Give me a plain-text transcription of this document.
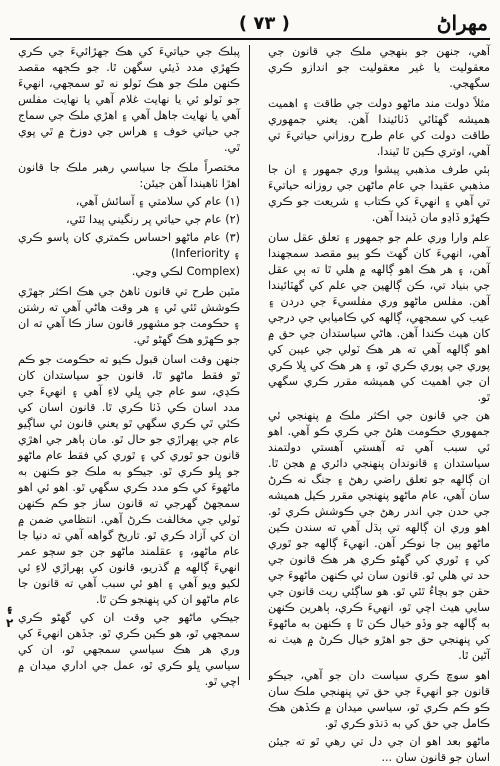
( ٧٣ )	مهراڻ

آهي، جنهن جو بنهجي ملڪ جي قانون جي معقوليت يا غير معقوليت جو اندازو ڪري سگهجي.

مثلاً دولت مند ماڻهو دولت جي طاقت ۽ اهميت هميشه گهٽائي ڏٺائيندا آهن. يعني جمهوري طاقت دولت کي عام طرح روزاني حياتيءَ تي آهي، اوتري ڪين ٿا ٿيندا.

ٻئي طرف مذهبي پيشوا وري جمهور ۽ ان جا مذهبي عقيدا جي عام ماڻهن جي روزانه حياتيءَ تي آهي ۽ انهيءَ کي ڪتاب ۽ شريعت جو ڪري ڪهڙو ڏاڍو مان ڏيندا آهن.

علم وارا وري علم جو جمهور ۽ تعلق عقل سان آهي، انهيءَ کان گهٽ ڪو ٻيو مقصد سمجهندا آهن، ۽ هر هڪ اهو ڳالهه ۾ هلي ٿا ته ٻي عقل جي بنياد تي، ڪن ڳالهين جي علم کي گهٽائيندا آهن. مفلس ماڻهو وري مفلسيءَ جي دردن ۽ عيب کي سمجهي، ڳالهه کي ڪاميابي جي درجي کان هيٺ ڪندا آهن. هاڻي سياستدان جي حق ۾ اهو ڳالهه آهي ته هر هڪ ٽولي جي عيبن کي پوري جي پوري ڪري ٿو، ۽ هر هڪ کي ڀلا ڪري ان جي اهميت کي هميشه مقرر ڪري سگهي ٿو.

هن جي قانون جي اڪثر ملڪ ۾ پنهنجي ئي جمهوري حڪومت هئڻ جي ڪري ڪو آهي. اهو ئي سبب آهي ته آهستي آهستي دولتمند سياستدان ۽ قانوندان پنهنجي دائري ۾ هجن ٿا. ان ڳالهه جو تعلق راضي رهڻ ۽ جنگ نه ڪرڻ سان آهي، عام ماڻهو پنهنجي مقرر ڪيل هميشه جي حدن جي اندر رهڻ جي ڪوشش ڪري ٿو. اهو وري ان ڳالهه تي ٻڌل آهي ته سندن ڪين ماڻهو ٻين جا نوڪر آهن. انهيءَ ڳالهه جو ٿوري کي ۽ ٿوري کي گهڻو ڪري هر هڪ قانون جي حد تي هلي ٿو. قانون سان ئي ڪنهن ماڻهوءَ جي حقن جو بچاءُ ٿئي ٿو. هو ساڳئي ريت قانون جي سايي هيٺ اچي ٿو، انهيءَ ڪري، ٻاهرين ڪنهن به ڳالهه جو وڏو خيال ڪن ٿا ۽ ڪنهن به ماڻهوءَ کي پنهنجي حق جو اهڙو خيال ڪرڻ ۾ هيٺ نه آڻين ٿا.

اهو سوچ ڪري سياست دان جو آهي، جيڪو قانون جو انهيءَ جي حق تي پنهنجي ملڪ سان ڪو ڪم ڪري ٿو، سياسي ميدان ۾ ڪڏهن هڪ ڪامل جي حق کي به ڌنڌو ڪري ٿو.

ماڻهو بعد اهو ان جي دل تي رهي ٿو ته جيئن اسان جو قانون سان ...

پبلڪ جي حياتيءَ کي هڪ جهڙائيءَ جي ڪري ڪهڙي مدد ڏيئي سگهن ٿا. جو ڪجهه مقصد ڪنهن ملڪ جو هڪ ٽولو نه ٿو سمجهي، انهيءَ جو ٽولو ئي يا نهايت غلام آهي يا نهايت مفلس آهي يا نهايت جاهل آهي ۽ اهڙي ملڪ جي سماج جي حياتي خوف ۽ هراس جي دوزخ ۾ ٿي پوي ٿي.

مختصراً ملڪ جا سياسي رهبر ملڪ جا قانون اهڙا ٺاهيندا آهن جيئن:

(١) عام کي سلامتي ۽ آسائش آهي،

(٢) عام جي حياتي پر رنگيني پيدا ٿئي،

(٣) عام ماڻهو احساس ڪمتري کان پاسو ڪري ۽ (Inferiority

Complex) لڪي وڃي.

مٿين طرح تي قانون ٺاهڻ جي هڪ اڪثر جهڙي ڪوشش ٿئي ٿي ۽ هر وقت هاڻي آهي ته رشتن ۽ حڪومت جو مشهور قانون ساز ڪا آهي ته ان جو ڪهڙو هڪ گهڻو ٿي.

جنهن وقت اسان قبول ڪيو ته حڪومت جو ڪم ٿو فقط ماڻهو ٿا، قانون جو سياستدان کان ڪڍي، سو عام جي ڀلي لاءِ آهي ۽ انهيءَ جي مدد اسان ڪي ڏٺا ڪري ٿا. قانون اسان کي ڪئي ٿي ڪري سگهي ٿو يعني قانون ئي ساڳيو عام جي ٻهراڙي جو حال ٿو. مان ٻاهر جي اهڙي قانون جو ٿوري کي ۽ ٿوري کي فقط عام ماڻهو جو ڀلو ڪري ٿو. جيڪو به ملڪ جو ڪنهن به ماڻهوءَ کي ڪو مدد ڪري سگهي ٿو. اهو ئي اهو سمجهڻ گهرجي ته قانون ساز جو ڪم ڪنهن ٽولي جي مخالفت ڪرڻ آهي. انتظامي ضمن ۾ ان کي آزاد ڪري ٿو. تاريخ گواهه آهي ته دنيا جا عام ماڻهو، ۽ عقلمند ماڻهو جن جو سڄو عمر انهيءَ ڳالهه ۾ گذريو، قانون کي ٻهراڙي لاءِ ئي لکيو ويو آهي ۽ اهو ئي سبب آهي ته قانون جا عام ماڻهو ان کي پنهنجو ڪن ٿا.

جيڪي ماڻهو جي وقت ان کي گهڻو ڪري سمجهي ٿو، هو ڪين ڪري ٿو. جڏهن انهيءَ کي وري هر هڪ سياسي سمجهي ٿو، ان کي سياسي ڀلو ڪري ٿو، عمل جي اداري ميدان ۾ اچي ٿو.

۽
٢
